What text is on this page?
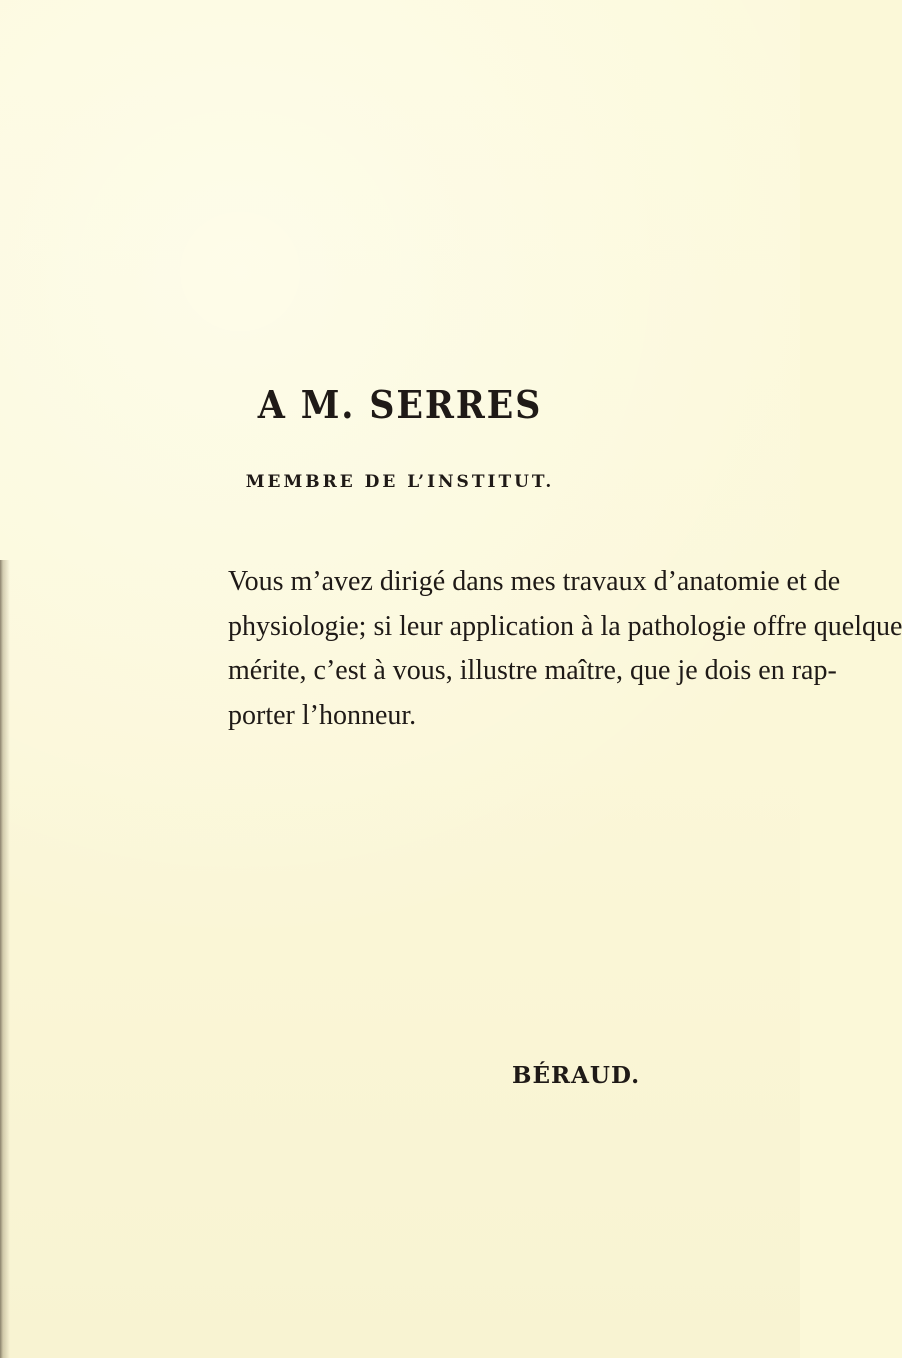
A M. SERRES
MEMBRE DE L’INSTITUT.
Vous m’avez dirigé dans mes travaux d’anatomie et de
physiologie; si leur application à la pathologie offre quelque
mérite, c’est à vous, illustre maître, que je dois en rap-
porter l’honneur.
BÉRAUD.
